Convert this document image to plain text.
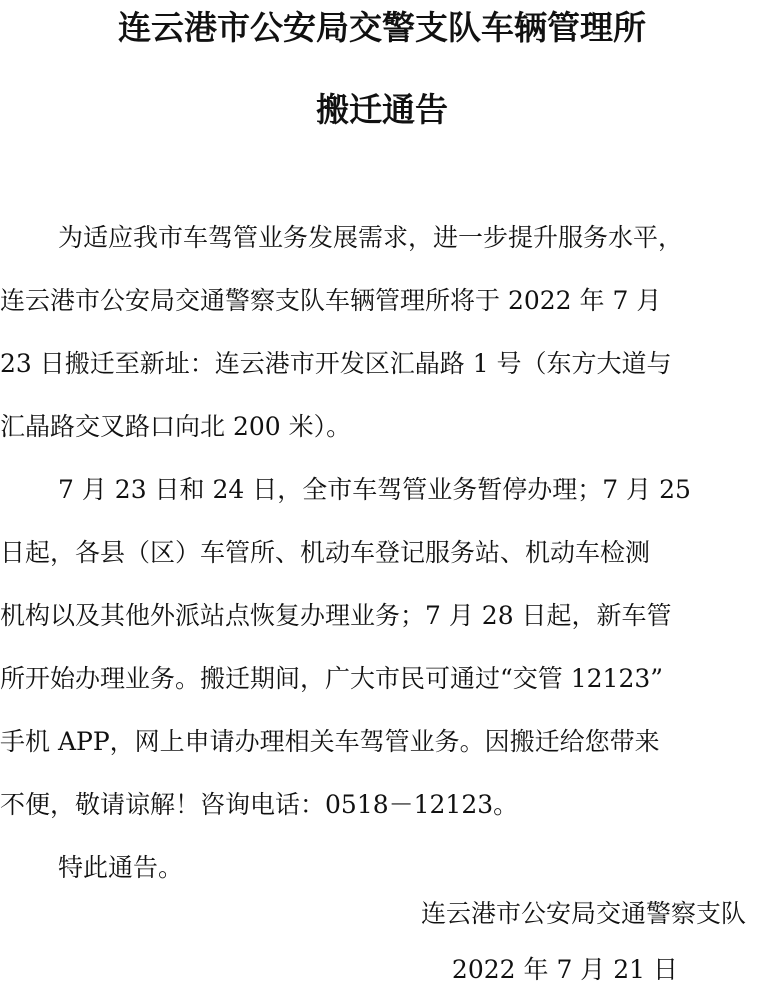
连云港市公安局交警支队车辆管理所
搬迁通告
为适应我市车驾管业务发展需求，进一步提升服务水平，
连云港市公安局交通警察支队车辆管理所将于 2022 年 7 月
23 日搬迁至新址：连云港市开发区汇晶路 1 号（东方大道与
汇晶路交叉路口向北 200 米）。
7 月 23 日和 24 日，全市车驾管业务暂停办理；7 月 25
日起，各县（区）车管所、机动车登记服务站、机动车检测
机构以及其他外派站点恢复办理业务；7 月 28 日起，新车管
所开始办理业务。搬迁期间，广大市民可通过“交管 12123”
手机 APP，网上申请办理相关车驾管业务。因搬迁给您带来
不便，敬请谅解！咨询电话：0518－12123。
特此通告。
连云港市公安局交通警察支队
2022 年 7 月 21 日
